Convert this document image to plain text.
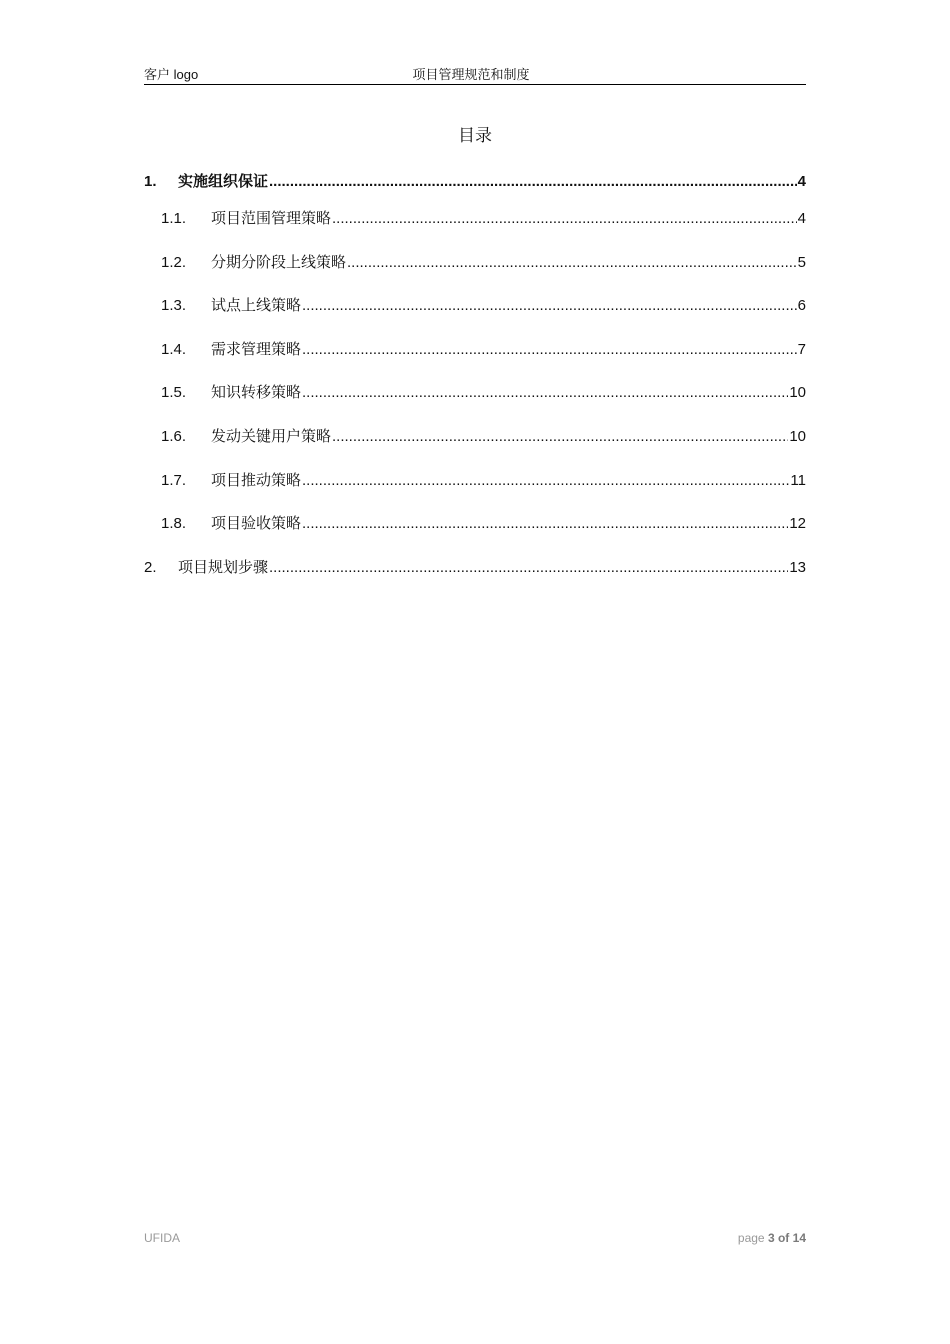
客户 logo	项目管理规范和制度
目录
1.	实施组织保证 .....	4
1.1.	项目范围管理策略 .....	4
1.2.	分期分阶段上线策略 .....	5
1.3.	试点上线策略 .....	6
1.4.	需求管理策略 .....	7
1.5.	知识转移策略 .....	10
1.6.	发动关键用户策略 .....	10
1.7.	项目推动策略 .....	11
1.8.	项目验收策略 .....	12
2.	项目规划步骤 .....	13
UFIDA	page 3 of 14
